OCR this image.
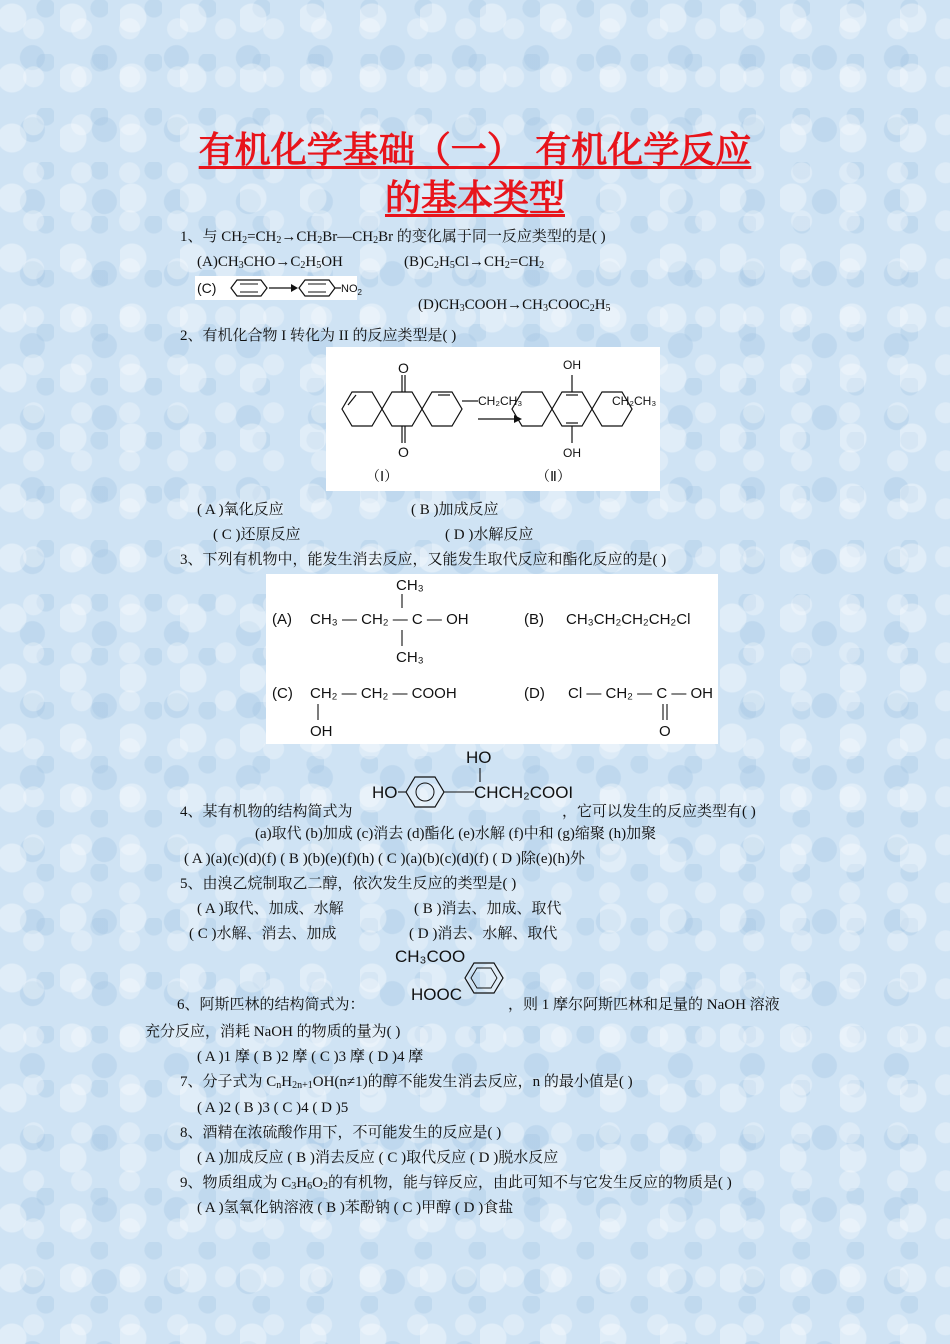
有机化学基础（一） 有机化学反应
的基本类型
1、与 $CH_2=CH_2\to CH_2Br—CH_2Br$ 的变化属于同一反应类型的是( )
$(A)CH_3CHO\to C_2H_5OH$	$(B)C_2H_5Cl\to CH_2=CH_2$
(C)	$NO_2$
$(D)CH_3COOH\to CH_3COOC_2H_5$
2、有机化合物 I 转化为 II 的反应类型是( )
O
O
CH₂CH₃
（Ⅰ）
OH
OH
CH₂CH₃
（Ⅱ）
( A )氧化反应	( B )加成反应
( C )还原反应	( D )水解反应
3、下列有机物中，能发生消去反应，又能发生取代反应和酯化反应的是( )
(A)
CH₃
CH₃ — CH₂ — C — OH
CH₃
(B) CH₃CH₂CH₂CH₂Cl
(C) CH₂ — CH₂ — COOH
OH
(D) Cl — CH₂ — C — OH
O
HO
HO	CHCH₂COOI
4、某有机物的结构简式为	，它可以发生的反应类型有( )
(a)取代 (b)加成 (c)消去 (d)酯化 (e)水解 (f)中和 (g)缩聚 (h)加聚
( A )(a)(c)(d)(f) ( B )(b)(e)(f)(h) ( C )(a)(b)(c)(d)(f) ( D )除(e)(h)外
5、由溴乙烷制取乙二醇，依次发生反应的类型是( )
( A )取代、加成、水解	( B )消去、加成、取代
( C )水解、消去、加成	( D )消去、水解、取代
CH₃COO
HOOC
6、阿斯匹林的结构简式为：	，则 1 摩尔阿斯匹林和足量的 NaOH 溶液
充分反应，消耗 NaOH 的物质的量为( )
( A )1 摩 ( B )2 摩 ( C )3 摩 ( D )4 摩
7、分子式为 $C_nH_{2n+1}OH(n\ne 1)$的醇不能发生消去反应，n 的最小值是( )
( A )2 ( B )3 ( C )4 ( D )5
8、酒精在浓硫酸作用下，不可能发生的反应是( )
( A )加成反应 ( B )消去反应 ( C )取代反应 ( D )脱水反应
9、物质组成为 $C_3H_6O_2$的有机物，能与锌反应，由此可知不与它发生反应的物质是( )
( A )氢氧化钠溶液 ( B )苯酚钠 ( C )甲醇 ( D )食盐
